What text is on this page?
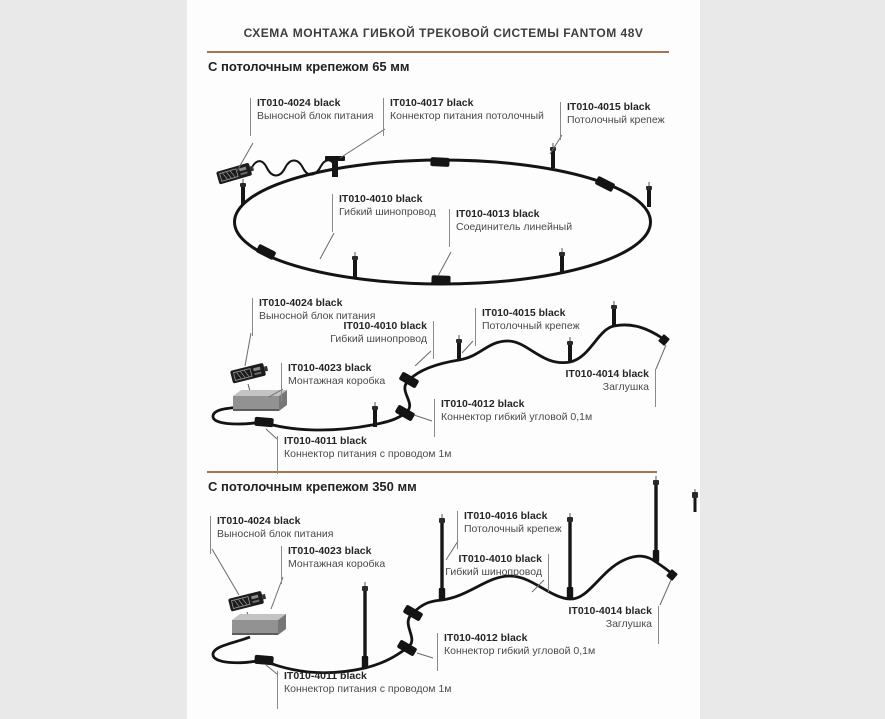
СХЕМА МОНТАЖА ГИБКОЙ ТРЕКОВОЙ СИСТЕМЫ FANTOM 48V
С потолочным крепежом 65 мм
С потолочным крепежом 350 мм
IT010-4024 black
Выносной блок питания
IT010-4017 black
Коннектор питания потолочный
IT010-4015 black
Потолочный крепеж
IT010-4010 black
Гибкий шинопровод IT010-4013 black
Соединитель линейный
IT010-4024 black
Выносной блок питания
IT010-4010 black
Гибкий шинопровод
IT010-4015 black
Потолочный крепеж
IT010-4014 black
Заглушка
IT010-4023 black
Монтажная коробка
IT010-4012 black
Коннектор гибкий угловой 0,1м
IT010-4011 black
Коннектор питания с проводом 1м
IT010-4024 black
Выносной блок питания
IT010-4016 black
Потолочный крепеж
IT010-4023 black
Монтажная коробка	IT010-4010 black
Гибкий шинопровод
IT010-4014 black
Заглушка
IT010-4012 black
Коннектор гибкий угловой 0,1м
IT010-4011 black
Коннектор питания с проводом 1м
